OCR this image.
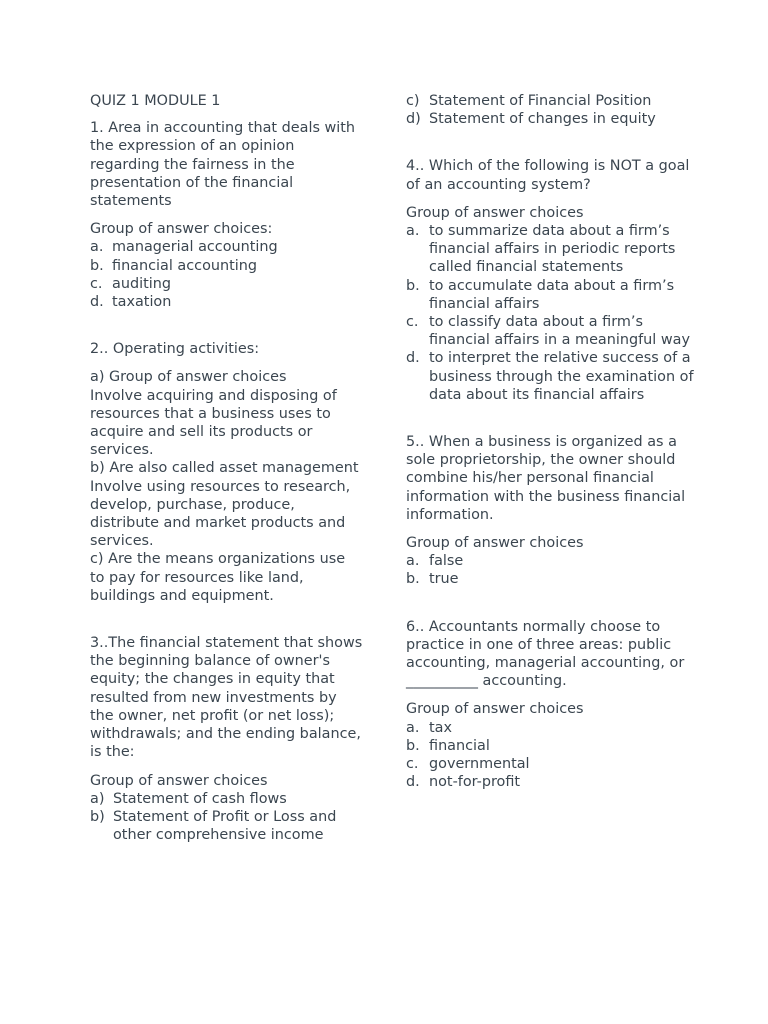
QUIZ 1 MODULE 1

1. Area in accounting that deals with the expression of an opinion regarding the fairness in the presentation of the financial statements

Group of answer choices:

a. managerial accounting
b. financial accounting
c. auditing
d. taxation

2.. Operating activities:

a) Group of answer choices

Involve acquiring and disposing of resources that a business uses to acquire and sell its products or services.

b) Are also called asset management

Involve using resources to research, develop, purchase, produce, distribute and market products and services.

c) Are the means organizations use to pay for resources like land, buildings and equipment.

3..The financial statement that shows the beginning balance of owner's equity; the changes in equity that resulted from new investments by the owner, net profit (or net loss); withdrawals; and the ending balance, is the:

Group of answer choices

a) Statement of cash flows
b) Statement of Profit or Loss and other comprehensive income
c) Statement of Financial Position
d) Statement of changes in equity

4.. Which of the following is NOT a goal of an accounting system?

Group of answer choices

a. to summarize data about a firm’s financial affairs in periodic reports called financial statements
b. to accumulate data about a firm’s financial affairs
c. to classify data about a firm’s financial affairs in a meaningful way
d. to interpret the relative success of a business through the examination of data about its financial affairs

5.. When a business is organized as a sole proprietorship, the owner should combine his/her personal financial information with the business financial information.

Group of answer choices

a. false
b. true

6.. Accountants normally choose to practice in one of three areas: public accounting, managerial accounting, or __________ accounting.

Group of answer choices

a. tax
b. financial
c. governmental
d. not-for-profit
